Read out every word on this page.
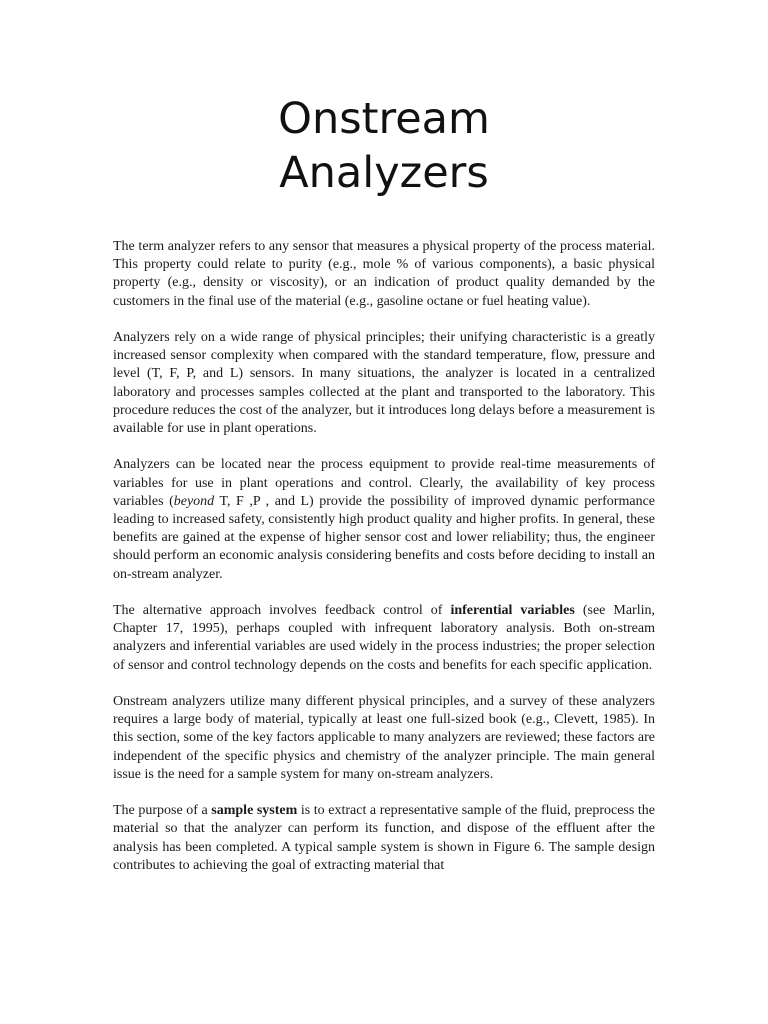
Onstream
Analyzers

The term analyzer refers to any sensor that measures a physical property of the process material. This property could relate to purity (e.g., mole % of various components), a basic physical property (e.g., density or viscosity), or an indication of product quality demanded by the customers in the final use of the material (e.g., gasoline octane or fuel heating value).

Analyzers rely on a wide range of physical principles; their unifying characteristic is a greatly increased sensor complexity when compared with the standard temperature, flow, pressure and level (T, F, P, and L) sensors. In many situations, the analyzer is located in a centralized laboratory and processes samples collected at the plant and transported to the laboratory. This procedure reduces the cost of the analyzer, but it introduces long delays before a measurement is available for use in plant operations.

Analyzers can be located near the process equipment to provide real-time measurements of variables for use in plant operations and control. Clearly, the availability of key process variables (beyond T, F ,P , and L) provide the possibility of improved dynamic performance leading to increased safety, consistently high product quality and higher profits. In general, these benefits are gained at the expense of higher sensor cost and lower reliability; thus, the engineer should perform an economic analysis considering benefits and costs before deciding to install an on-stream analyzer.

The alternative approach involves feedback control of inferential variables (see Marlin, Chapter 17, 1995), perhaps coupled with infrequent laboratory analysis. Both on-stream analyzers and inferential variables are used widely in the process industries; the proper selection of sensor and control technology depends on the costs and benefits for each specific application.

Onstream analyzers utilize many different physical principles, and a survey of these analyzers requires a large body of material, typically at least one full-sized book (e.g., Clevett, 1985). In this section, some of the key factors applicable to many analyzers are reviewed; these factors are independent of the specific physics and chemistry of the analyzer principle. The main general issue is the need for a sample system for many on-stream analyzers.

The purpose of a sample system is to extract a representative sample of the fluid, preprocess the material so that the analyzer can perform its function, and dispose of the effluent after the analysis has been completed. A typical sample system is shown in Figure 6. The sample design contributes to achieving the goal of extracting material that
